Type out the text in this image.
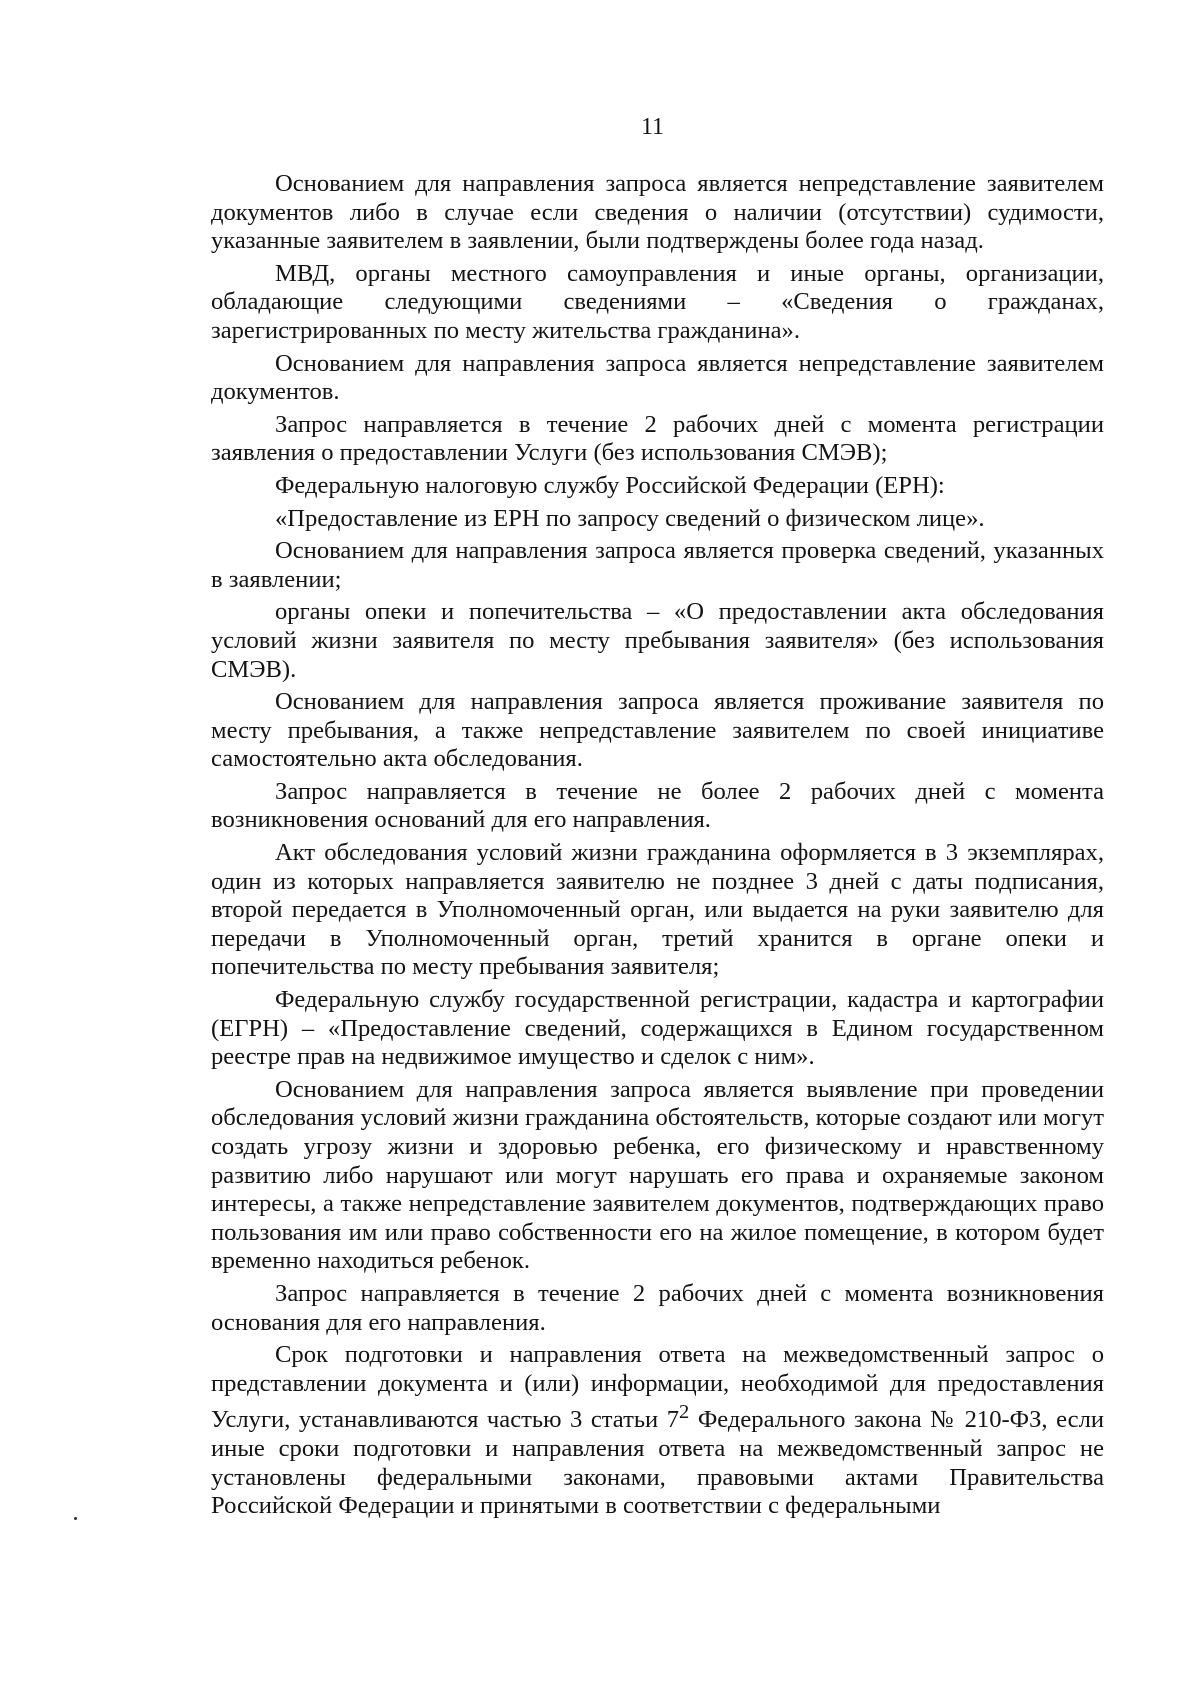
11

Основанием для направления запроса является непредставление заявителем документов либо в случае если сведения о наличии (отсутствии) судимости, указанные заявителем в заявлении, были подтверждены более года назад.

МВД, органы местного самоуправления и иные органы, организации, обладающие следующими сведениями – «Сведения о гражданах, зарегистрированных по месту жительства гражданина».

Основанием для направления запроса является непредставление заявителем документов.

Запрос направляется в течение 2 рабочих дней с момента регистрации заявления о предоставлении Услуги (без использования СМЭВ);

Федеральную налоговую службу Российской Федерации (ЕРН):

«Предоставление из ЕРН по запросу сведений о физическом лице».

Основанием для направления запроса является проверка сведений, указанных в заявлении;

органы опеки и попечительства – «О предоставлении акта обследования условий жизни заявителя по месту пребывания заявителя» (без использования СМЭВ).

Основанием для направления запроса является проживание заявителя по месту пребывания, а также непредставление заявителем по своей инициативе самостоятельно акта обследования.

Запрос направляется в течение не более 2 рабочих дней с момента возникновения оснований для его направления.

Акт обследования условий жизни гражданина оформляется в 3 экземплярах, один из которых направляется заявителю не позднее 3 дней с даты подписания, второй передается в Уполномоченный орган, или выдается на руки заявителю для передачи в Уполномоченный орган, третий хранится в органе опеки и попечительства по месту пребывания заявителя;

Федеральную службу государственной регистрации, кадастра и картографии (ЕГРН) – «Предоставление сведений, содержащихся в Едином государственном реестре прав на недвижимое имущество и сделок с ним».

Основанием для направления запроса является выявление при проведении обследования условий жизни гражданина обстоятельств, которые создают или могут создать угрозу жизни и здоровью ребенка, его физическому и нравственному развитию либо нарушают или могут нарушать его права и охраняемые законом интересы, а также непредставление заявителем документов, подтверждающих право пользования им или право собственности его на жилое помещение, в котором будет временно находиться ребенок.

Запрос направляется в течение 2 рабочих дней с момента возникновения основания для его направления.

Срок подготовки и направления ответа на межведомственный запрос о представлении документа и (или) информации, необходимой для предоставления Услуги, устанавливаются частью 3 статьи $7^2$ Федерального закона № 210-ФЗ, если иные сроки подготовки и направления ответа на межведомственный запрос не установлены федеральными законами, правовыми актами Правительства Российской Федерации и принятыми в соответствии с федеральными
